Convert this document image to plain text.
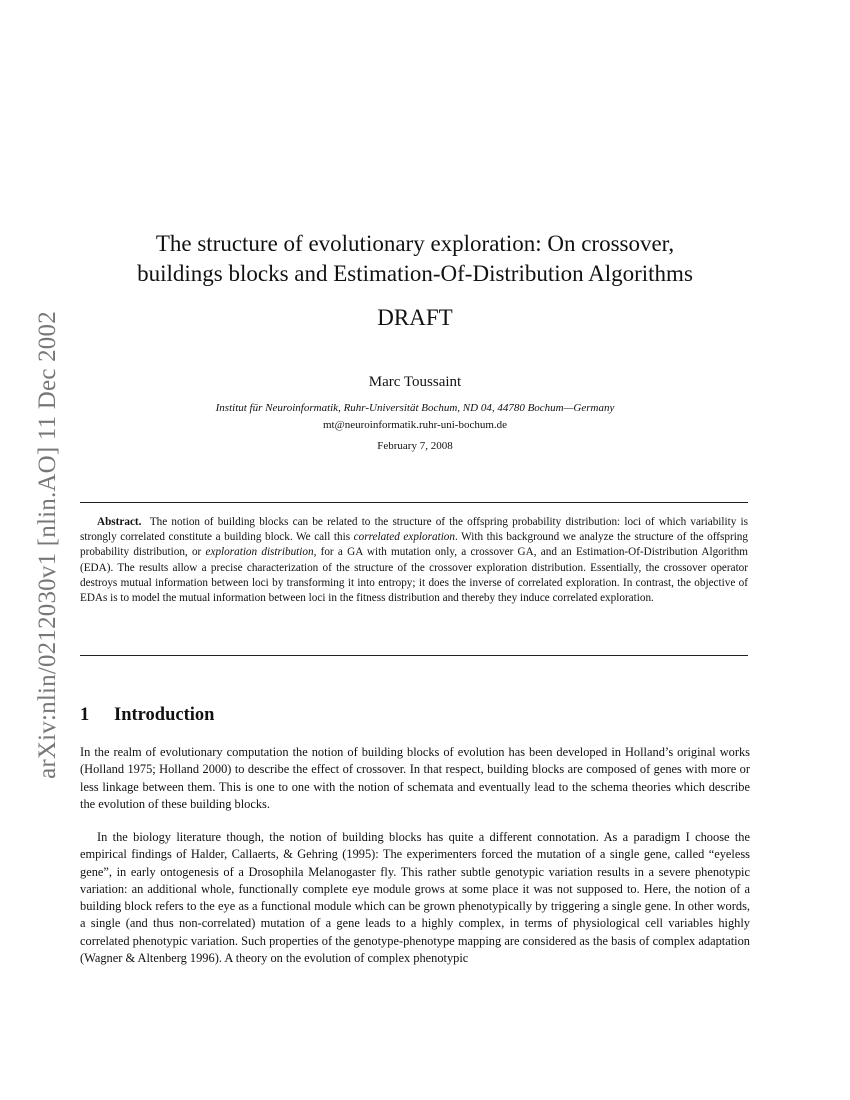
arXiv:nlin/0212030v1 [nlin.AO] 11 Dec 2002
The structure of evolutionary exploration: On crossover,
buildings blocks and Estimation-Of-Distribution Algorithms
DRAFT
Marc Toussaint
Institut für Neuroinformatik, Ruhr-Universität Bochum, ND 04, 44780 Bochum—Germany
mt@neuroinformatik.ruhr-uni-bochum.de
February 7, 2008

Abstract. The notion of building blocks can be related to the structure of the offspring probability distribution: loci of which variability is strongly correlated constitute a building block. We call this correlated exploration. With this background we analyze the structure of the offspring probability distribution, or exploration distribution, for a GA with mutation only, a crossover GA, and an Estimation-Of-Distribution Algorithm (EDA). The results allow a precise characterization of the structure of the crossover exploration distribution. Essentially, the crossover operator destroys mutual information between loci by transforming it into entropy; it does the inverse of correlated exploration. In contrast, the objective of EDAs is to model the mutual information between loci in the fitness distribution and thereby they induce correlated exploration.

1 Introduction

In the realm of evolutionary computation the notion of building blocks of evolution has been developed in Holland’s original works (Holland 1975; Holland 2000) to describe the effect of crossover. In that respect, building blocks are composed of genes with more or less linkage between them. This is one to one with the notion of schemata and eventually lead to the schema theories which describe the evolution of these building blocks.

In the biology literature though, the notion of building blocks has quite a different connotation. As a paradigm I choose the empirical findings of Halder, Callaerts, & Gehring (1995): The experimenters forced the mutation of a single gene, called “eyeless gene”, in early ontogenesis of a Drosophila Melanogaster fly. This rather subtle genotypic variation results in a severe phenotypic variation: an additional whole, functionally complete eye module grows at some place it was not supposed to. Here, the notion of a building block refers to the eye as a functional module which can be grown phenotypically by triggering a single gene. In other words, a single (and thus non-correlated) mutation of a gene leads to a highly complex, in terms of physiological cell variables highly correlated phenotypic variation. Such properties of the genotype-phenotype mapping are considered as the basis of complex adaptation (Wagner & Altenberg 1996). A theory on the evolution of complex phenotypic
